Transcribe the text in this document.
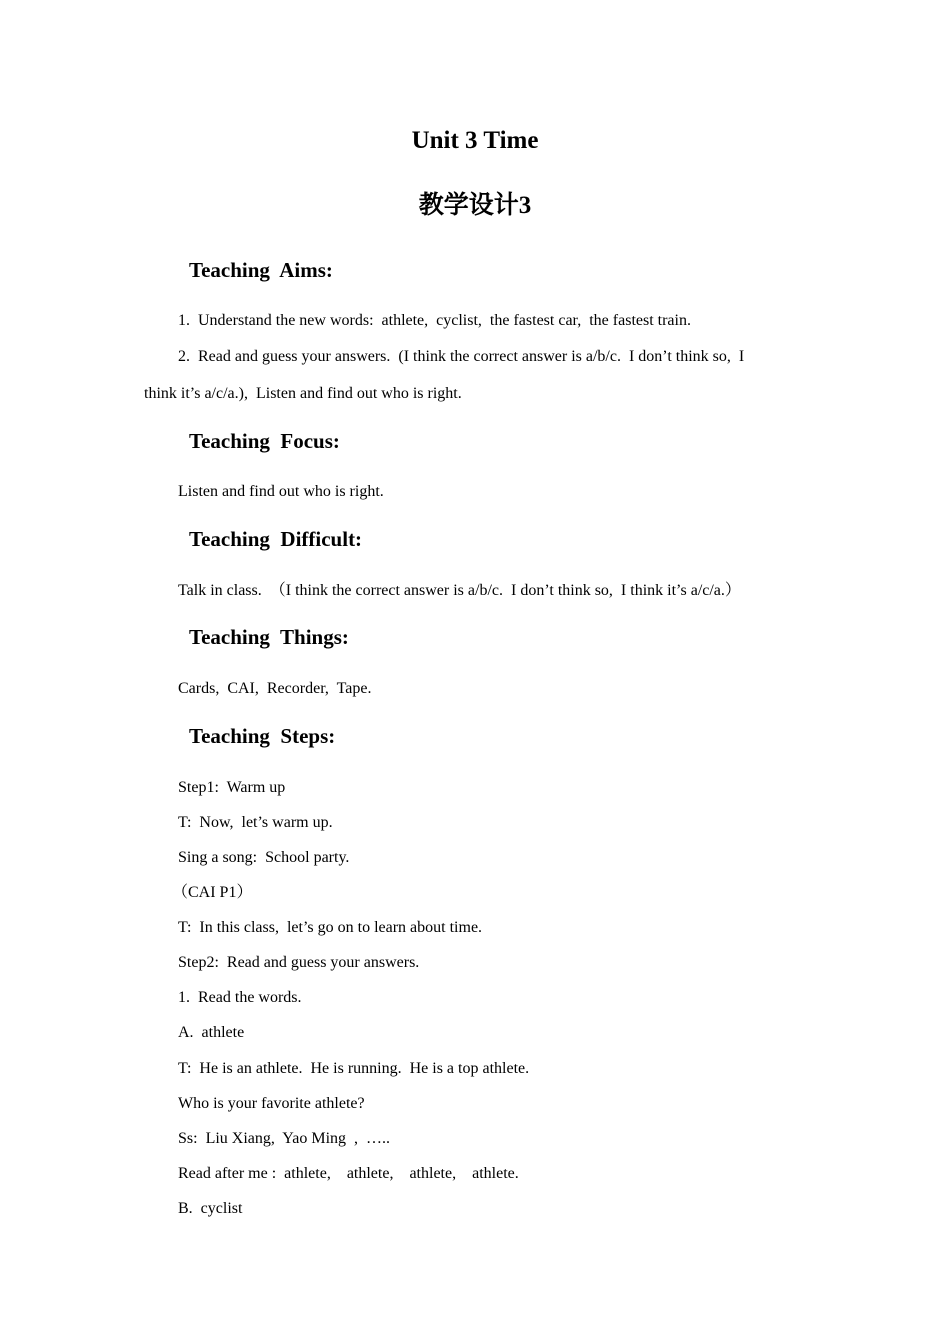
Unit 3 Time
教学设计3
Teaching  Aims:
1.  Understand the new words:  athlete,  cyclist,  the fastest car,  the fastest train.
2.  Read and guess your answers.  (I think the correct answer is a/b/c.  I don’t think so,  I
think it’s a/c/a.),  Listen and find out who is right.
Teaching  Focus:
Listen and find out who is right.
Teaching  Difficult:
Talk in class.  （I think the correct answer is a/b/c.  I don’t think so,  I think it’s a/c/a.）
Teaching  Things:
Cards,  CAI,  Recorder,  Tape.
Teaching  Steps:
Step1:  Warm up
T:  Now,  let’s warm up.
Sing a song:  School party.
（CAI P1）
T:  In this class,  let’s go on to learn about time.
Step2:  Read and guess your answers.
1.  Read the words.
A.  athlete
T:  He is an athlete.  He is running.  He is a top athlete.
Who is your favorite athlete?
Ss:  Liu Xiang,  Yao Ming  ,  …..
Read after me :  athlete,    athlete,    athlete,    athlete.
B.  cyclist
